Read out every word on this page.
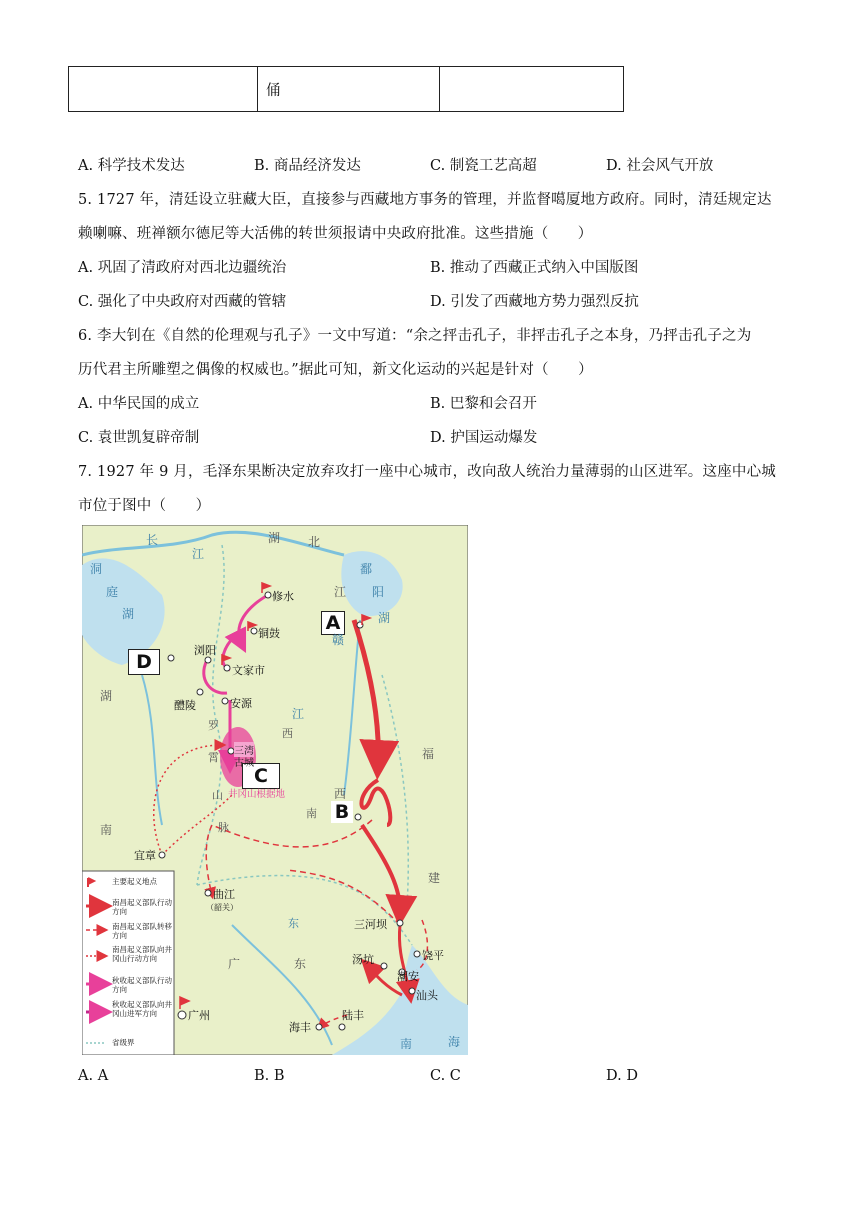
	俑	
A. 科学技术发达	B. 商品经济发达	C. 制瓷工艺高超	D. 社会风气开放
5. 1727 年，清廷设立驻藏大臣，直接参与西藏地方事务的管理，并监督噶厦地方政府。同时，清廷规定达
赖喇嘛、班禅额尔德尼等大活佛的转世须报请中央政府批准。这些措施（　　）
A. 巩固了清政府对西北边疆统治	B. 推动了西藏正式纳入中国版图
C. 强化了中央政府对西藏的管辖	D. 引发了西藏地方势力强烈反抗
6. 李大钊在《自然的伦理观与孔子》一文中写道：“余之抨击孔子，非抨击孔子之本身，乃抨击孔子之为
历代君主所雕塑之偶像的权威也。”据此可知，新文化运动的兴起是针对（　　）
A. 中华民国的成立	B. 巴黎和会召开
C. 袁世凯复辟帝制	D. 护国运动爆发
7. 1927 年 9 月，毛泽东果断决定放弃攻打一座中心城市，改向敌人统治力量薄弱的山区进军。这座中心城
市位于图中（　　）
A
B
C
D
修水
铜鼓
浏阳
文家市
醴陵	安源
三湾
古城
井冈山根据地
宜章
曲江
（韶关）
三河坝
饶平
汤坑
潮安
汕头
广州
海丰
陆丰
长
江
湖 北
洞
庭
湖
湖
南
江
西
鄱
阳
湖
赣
江
罗
霄
山
脉
福
建
广	东
东
南	海
南
西
主要起义地点
南昌起义部队行动方向
南昌起义部队转移方向
南昌起义部队向井冈山行动方向
秋收起义部队行动方向
秋收起义部队向井冈山进军方向
省级界
A. A	B. B	C. C	D. D
